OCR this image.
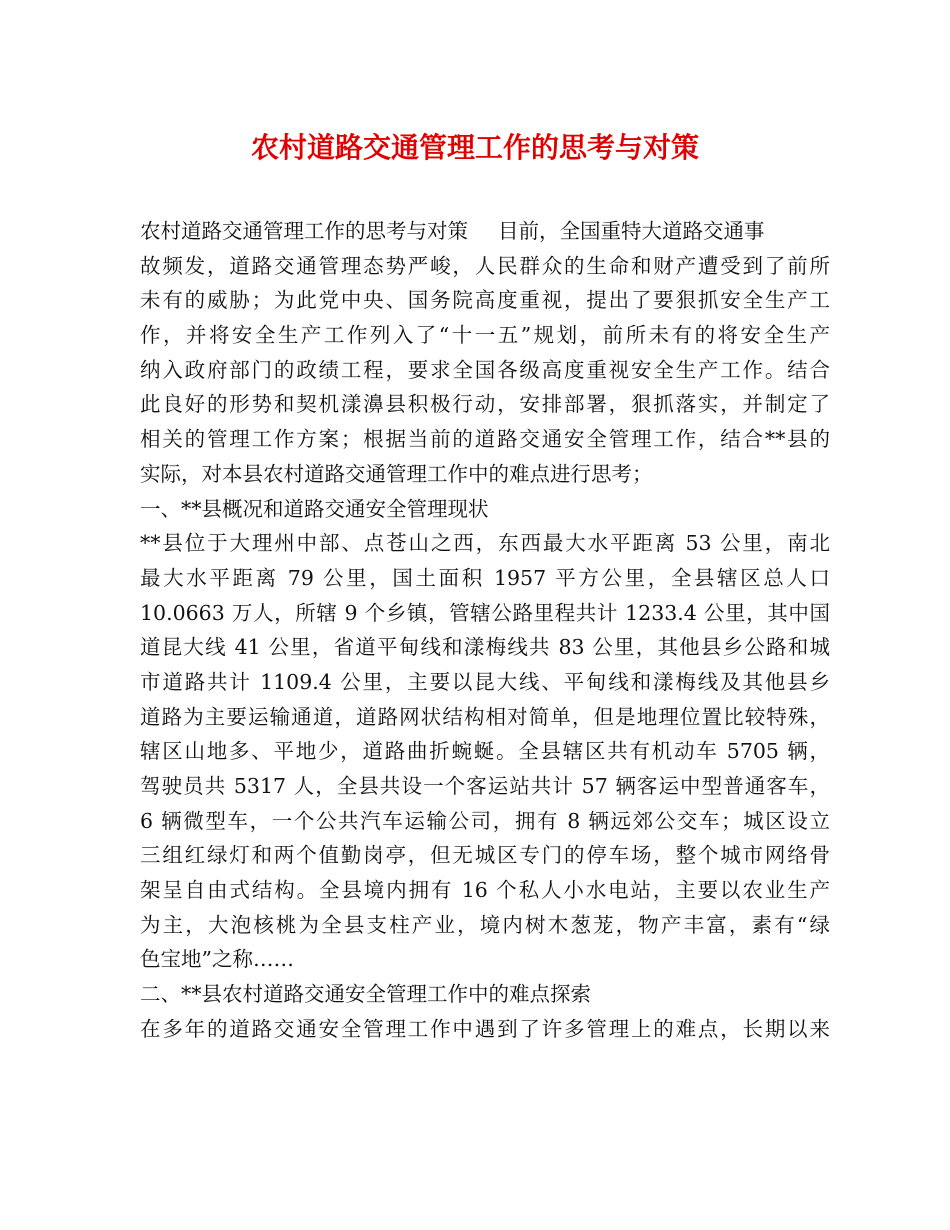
农村道路交通管理工作的思考与对策
农村道路交通管理工作的思考与对策 目前，全国重特大道路交通事
故频发，道路交通管理态势严峻，人民群众的生命和财产遭受到了前所
未有的威胁；为此党中央、国务院高度重视，提出了要狠抓安全生产工
作，并将安全生产工作列入了“十一五”规划，前所未有的将安全生产
纳入政府部门的政绩工程，要求全国各级高度重视安全生产工作。结合
此良好的形势和契机漾濞县积极行动，安排部署，狠抓落实，并制定了
相关的管理工作方案；根据当前的道路交通安全管理工作，结合**县的
实际，对本县农村道路交通管理工作中的难点进行思考；
一、**县概况和道路交通安全管理现状
**县位于大理州中部、点苍山之西，东西最大水平距离 53 公里，南北
最大水平距离 79 公里，国土面积 1957 平方公里，全县辖区总人口
10.0663 万人，所辖 9 个乡镇，管辖公路里程共计 1233.4 公里，其中国
道昆大线 41 公里，省道平甸线和漾梅线共 83 公里，其他县乡公路和城
市道路共计 1109.4 公里，主要以昆大线、平甸线和漾梅线及其他县乡
道路为主要运输通道，道路网状结构相对简单，但是地理位置比较特殊，
辖区山地多、平地少，道路曲折蜿蜒。全县辖区共有机动车 5705 辆，
驾驶员共 5317 人，全县共设一个客运站共计 57 辆客运中型普通客车，
6 辆微型车，一个公共汽车运输公司，拥有 8 辆远郊公交车；城区设立
三组红绿灯和两个值勤岗亭，但无城区专门的停车场，整个城市网络骨
架呈自由式结构。全县境内拥有 16 个私人小水电站，主要以农业生产
为主，大泡核桃为全县支柱产业，境内树木葱茏，物产丰富，素有“绿
色宝地”之称……
二、**县农村道路交通安全管理工作中的难点探索
在多年的道路交通安全管理工作中遇到了许多管理上的难点，长期以来
